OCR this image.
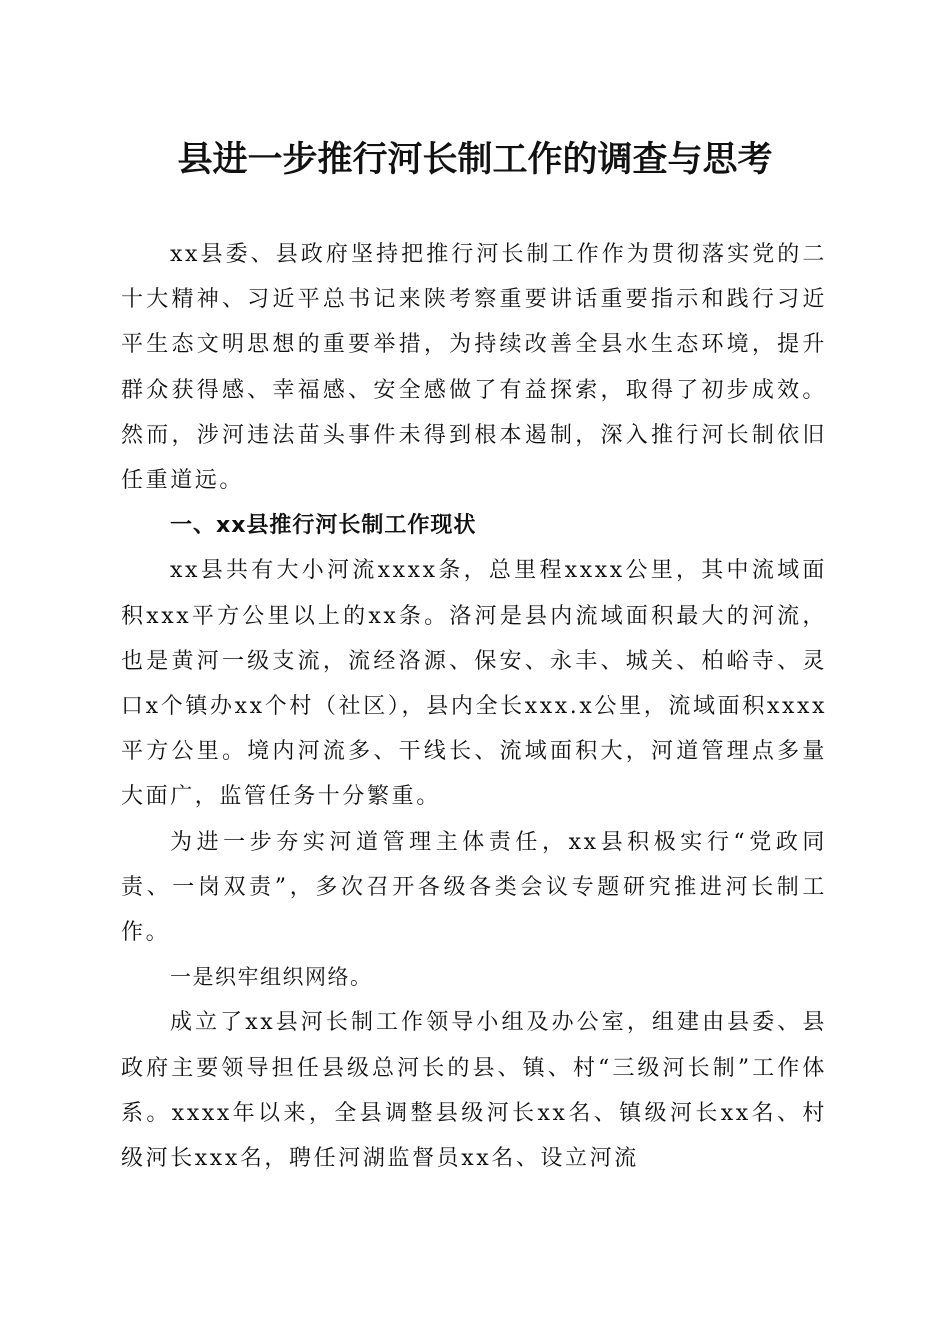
县进一步推行河长制工作的调查与思考

xx县委、县政府坚持把推行河长制工作作为贯彻落实党的二十大精神、习近平总书记来陕考察重要讲话重要指示和践行习近平生态文明思想的重要举措，为持续改善全县水生态环境，提升群众获得感、幸福感、安全感做了有益探索，取得了初步成效。然而，涉河违法苗头事件未得到根本遏制，深入推行河长制依旧任重道远。

一、xx县推行河长制工作现状

xx县共有大小河流xxxx条，总里程xxxx公里，其中流域面积xxx平方公里以上的xx条。洛河是县内流域面积最大的河流，也是黄河一级支流，流经洛源、保安、永丰、城关、柏峪寺、灵口x个镇办xx个村（社区），县内全长xxx.x公里，流域面积xxxx平方公里。境内河流多、干线长、流域面积大，河道管理点多量大面广，监管任务十分繁重。

为进一步夯实河道管理主体责任，xx县积极实行“党政同责、一岗双责”，多次召开各级各类会议专题研究推进河长制工作。

一是织牢组织网络。

成立了xx县河长制工作领导小组及办公室，组建由县委、县政府主要领导担任县级总河长的县、镇、村“三级河长制”工作体系。xxxx年以来，全县调整县级河长xx名、镇级河长xx名、村级河长xxx名，聘任河湖监督员xx名、设立河流
